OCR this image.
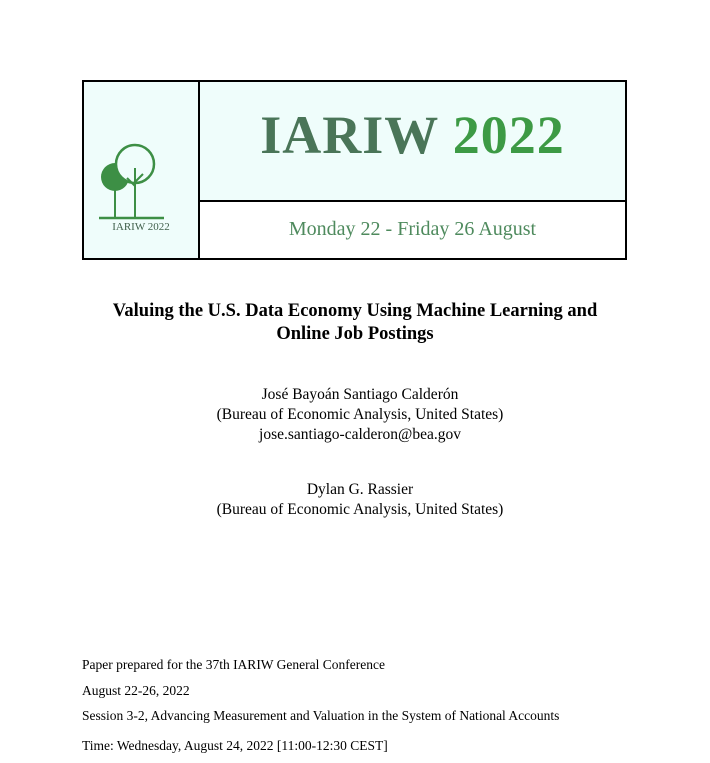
IARIW 2022
IARIW 2022
Monday 22 - Friday 26 August
Valuing the U.S. Data Economy Using Machine Learning and
Online Job Postings
José Bayoán Santiago Calderón
(Bureau of Economic Analysis, United States)
jose.santiago-calderon@bea.gov
Dylan G. Rassier
(Bureau of Economic Analysis, United States)
Paper prepared for the 37th IARIW General Conference
August 22-26, 2022
Session 3-2, Advancing Measurement and Valuation in the System of National Accounts
Time: Wednesday, August 24, 2022 [11:00-12:30 CEST]
